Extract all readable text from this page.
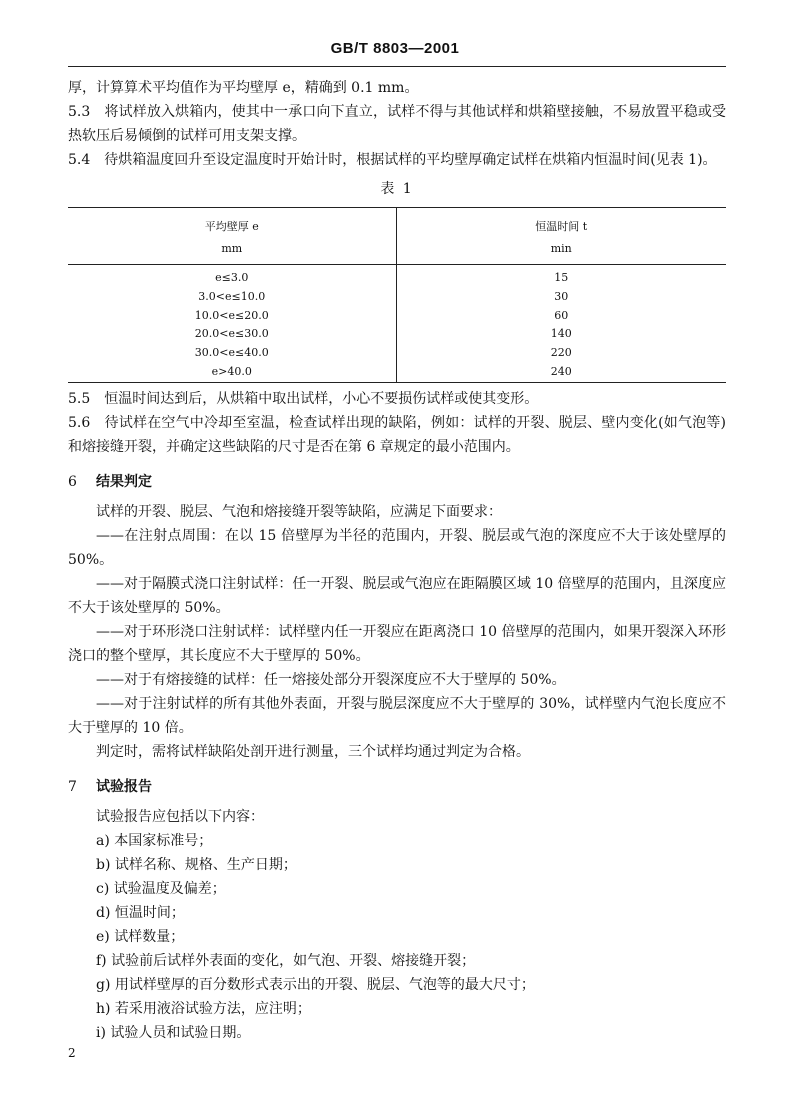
GB/T 8803—2001
厚，计算算术平均值作为平均壁厚 e，精确到 0.1 mm。
5.3　将试样放入烘箱内，使其中一承口向下直立，试样不得与其他试样和烘箱壁接触，不易放置平稳或受热软压后易倾倒的试样可用支架支撑。
5.4　待烘箱温度回升至设定温度时开始计时，根据试样的平均壁厚确定试样在烘箱内恒温时间(见表 1)。
表 1
平均壁厚 e	恒温时间 t
mm	min
e≤3.0	15
3.0<e≤10.0	30
10.0<e≤20.0	60
20.0<e≤30.0	140
30.0<e≤40.0	220
e>40.0	240
5.5　恒温时间达到后，从烘箱中取出试样，小心不要损伤试样或使其变形。
5.6　待试样在空气中冷却至室温，检查试样出现的缺陷，例如：试样的开裂、脱层、壁内变化(如气泡等)和熔接缝开裂，并确定这些缺陷的尺寸是否在第 6 章规定的最小范围内。
6 结果判定
试样的开裂、脱层、气泡和熔接缝开裂等缺陷，应满足下面要求：
——在注射点周围：在以 15 倍壁厚为半径的范围内，开裂、脱层或气泡的深度应不大于该处壁厚的 50%。
——对于隔膜式浇口注射试样：任一开裂、脱层或气泡应在距隔膜区域 10 倍壁厚的范围内，且深度应不大于该处壁厚的 50%。
——对于环形浇口注射试样：试样壁内任一开裂应在距离浇口 10 倍壁厚的范围内，如果开裂深入环形浇口的整个壁厚，其长度应不大于壁厚的 50%。
——对于有熔接缝的试样：任一熔接处部分开裂深度应不大于壁厚的 50%。
——对于注射试样的所有其他外表面，开裂与脱层深度应不大于壁厚的 30%，试样壁内气泡长度应不大于壁厚的 10 倍。
判定时，需将试样缺陷处剖开进行测量，三个试样均通过判定为合格。
7 试验报告
试验报告应包括以下内容：
a) 本国家标准号；
b) 试样名称、规格、生产日期；
c) 试验温度及偏差；
d) 恒温时间；
e) 试样数量；
f) 试验前后试样外表面的变化，如气泡、开裂、熔接缝开裂；
g) 用试样壁厚的百分数形式表示出的开裂、脱层、气泡等的最大尺寸；
h) 若采用液浴试验方法，应注明；
i) 试验人员和试验日期。
2
